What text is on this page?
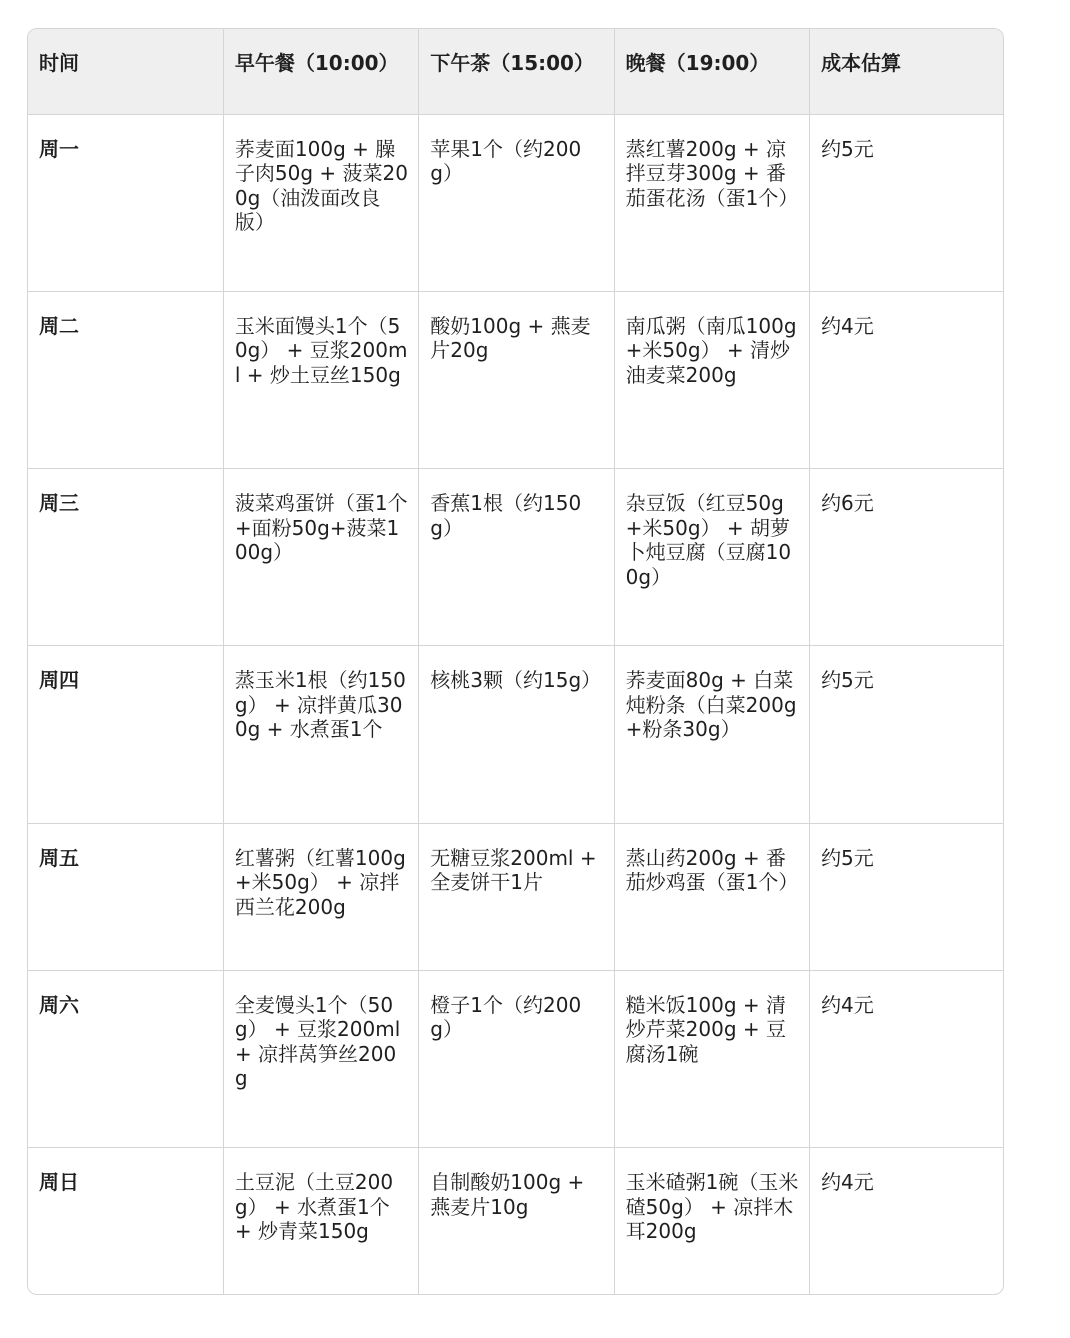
时间	早午餐（10:00）	下午茶（15:00）	晚餐（19:00）	成本估算
周一	荞麦面100g + 臊子肉50g + 菠菜200g（油泼面改良版）	苹果1个（约200g）	蒸红薯200g + 凉拌豆芽300g + 番茄蛋花汤（蛋1个）	约5元
周二	玉米面馒头1个（50g） + 豆浆200ml + 炒土豆丝150g	酸奶100g + 燕麦片20g	南瓜粥（南瓜100g+米50g） + 清炒油麦菜200g	约4元
周三	菠菜鸡蛋饼（蛋1个+面粉50g+菠菜100g）	香蕉1根（约150g）	杂豆饭（红豆50g+米50g） + 胡萝卜炖豆腐（豆腐100g）	约6元
周四	蒸玉米1根（约150g） + 凉拌黄瓜300g + 水煮蛋1个	核桃3颗（约15g）	荞麦面80g + 白菜炖粉条（白菜200g+粉条30g）	约5元
周五	红薯粥（红薯100g+米50g） + 凉拌西兰花200g	无糖豆浆200ml + 全麦饼干1片	蒸山药200g + 番茄炒鸡蛋（蛋1个）	约5元
周六	全麦馒头1个（50g） + 豆浆200ml + 凉拌莴笋丝200g	橙子1个（约200g）	糙米饭100g + 清炒芹菜200g + 豆腐汤1碗	约4元
周日	土豆泥（土豆200g） + 水煮蛋1个 + 炒青菜150g	自制酸奶100g + 燕麦片10g	玉米碴粥1碗（玉米碴50g） + 凉拌木耳200g	约4元
